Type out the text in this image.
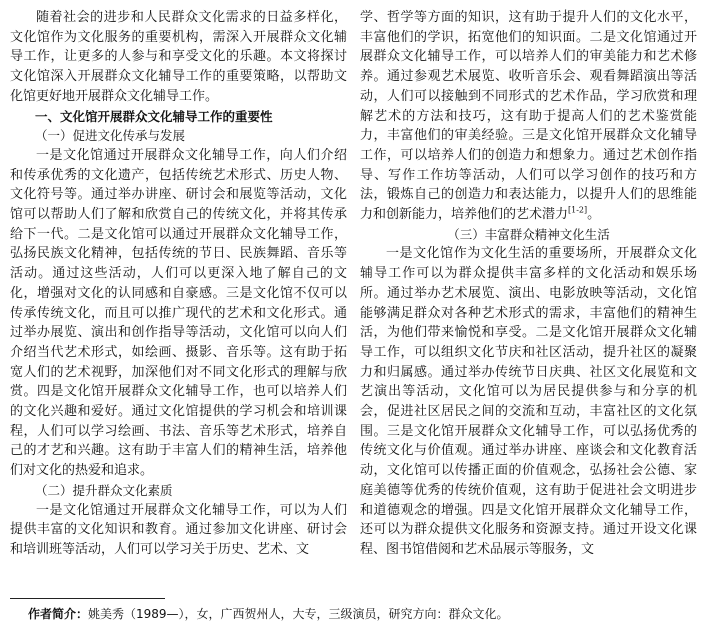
随着社会的进步和人民群众文化需求的日益多样化，文化馆作为文化服务的重要机构，需深入开展群众文化辅导工作，让更多的人参与和享受文化的乐趣。本文将探讨文化馆深入开展群众文化辅导工作的重要策略，以帮助文化馆更好地开展群众文化辅导工作。

一、文化馆开展群众文化辅导工作的重要性
（一）促进文化传承与发展

一是文化馆通过开展群众文化辅导工作，向人们介绍和传承优秀的文化遗产，包括传统艺术形式、历史人物、文化符号等。通过举办讲座、研讨会和展览等活动，文化馆可以帮助人们了解和欣赏自己的传统文化，并将其传承给下一代。二是文化馆可以通过开展群众文化辅导工作，弘扬民族文化精神，包括传统的节日、民族舞蹈、音乐等活动。通过这些活动，人们可以更深入地了解自己的文化，增强对文化的认同感和自豪感。三是文化馆不仅可以传承传统文化，而且可以推广现代的艺术和文化形式。通过举办展览、演出和创作指导等活动，文化馆可以向人们介绍当代艺术形式，如绘画、摄影、音乐等。这有助于拓宽人们的艺术视野，加深他们对不同文化形式的理解与欣赏。四是文化馆开展群众文化辅导工作，也可以培养人们的文化兴趣和爱好。通过文化馆提供的学习机会和培训课程，人们可以学习绘画、书法、音乐等艺术形式，培养自己的才艺和兴趣。这有助于丰富人们的精神生活，培养他们对文化的热爱和追求。

（二）提升群众文化素质

一是文化馆通过开展群众文化辅导工作，可以为人们提供丰富的文化知识和教育。通过参加文化讲座、研讨会和培训班等活动，人们可以学习关于历史、艺术、文

学、哲学等方面的知识，这有助于提升人们的文化水平，丰富他们的学识，拓宽他们的知识面。二是文化馆通过开展群众文化辅导工作，可以培养人们的审美能力和艺术修养。通过参观艺术展览、收听音乐会、观看舞蹈演出等活动，人们可以接触到不同形式的艺术作品，学习欣赏和理解艺术的方法和技巧，这有助于提高人们的艺术鉴赏能力，丰富他们的审美经验。三是文化馆开展群众文化辅导工作，可以培养人们的创造力和想象力。通过艺术创作指导、写作工作坊等活动，人们可以学习创作的技巧和方法，锻炼自己的创造力和表达能力，以提升人们的思维能力和创新能力，培养他们的艺术潜力[1-2]。

（三）丰富群众精神文化生活

一是文化馆作为文化生活的重要场所，开展群众文化辅导工作可以为群众提供丰富多样的文化活动和娱乐场所。通过举办艺术展览、演出、电影放映等活动，文化馆能够满足群众对各种艺术形式的需求，丰富他们的精神生活，为他们带来愉悦和享受。二是文化馆开展群众文化辅导工作，可以组织文化节庆和社区活动，提升社区的凝聚力和归属感。通过举办传统节日庆典、社区文化展览和文艺演出等活动，文化馆可以为居民提供参与和分享的机会，促进社区居民之间的交流和互动，丰富社区的文化氛围。三是文化馆开展群众文化辅导工作，可以弘扬优秀的传统文化与价值观。通过举办讲座、座谈会和文化教育活动，文化馆可以传播正面的价值观念，弘扬社会公德、家庭美德等优秀的传统价值观，这有助于促进社会文明进步和道德观念的增强。四是文化馆开展群众文化辅导工作，还可以为群众提供文化服务和资源支持。通过开设文化课程、图书馆借阅和艺术品展示等服务，文

作者简介：姚美秀（1989—），女，广西贺州人，大专，三级演员，研究方向：群众文化。
